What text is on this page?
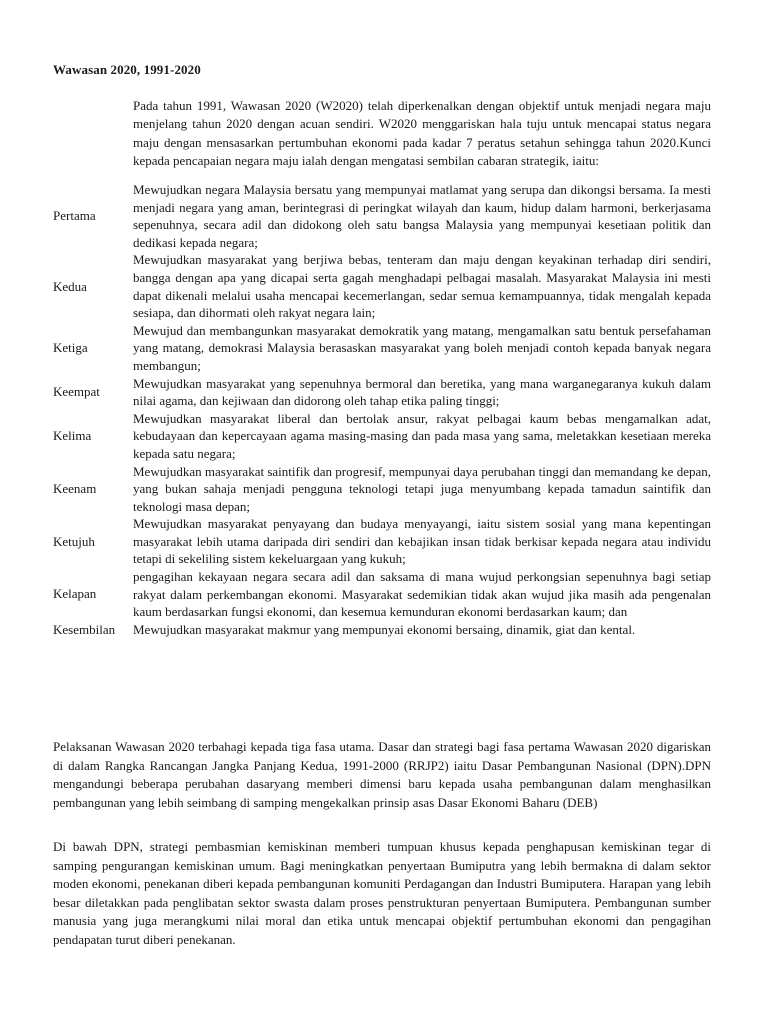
Wawasan 2020, 1991-2020

Pada tahun 1991, Wawasan 2020 (W2020) telah diperkenalkan dengan objektif untuk menjadi negara maju menjelang tahun 2020 dengan acuan sendiri. W2020 menggariskan hala tuju untuk mencapai status negara maju dengan mensasarkan pertumbuhan ekonomi pada kadar 7 peratus setahun sehingga tahun 2020.Kunci kepada pencapaian negara maju ialah dengan mengatasi sembilan cabaran strategik, iaitu:

Pertama
Mewujudkan negara Malaysia bersatu yang mempunyai matlamat yang serupa dan dikongsi bersama. Ia mesti menjadi negara yang aman, berintegrasi di peringkat wilayah dan kaum, hidup dalam harmoni, berkerjasama sepenuhnya, secara adil dan didokong oleh satu bangsa Malaysia yang mempunyai kesetiaan politik dan dedikasi kepada negara;
Kedua
Mewujudkan masyarakat yang berjiwa bebas, tenteram dan maju dengan keyakinan terhadap diri sendiri, bangga dengan apa yang dicapai serta gagah menghadapi pelbagai masalah. Masyarakat Malaysia ini mesti dapat dikenali melalui usaha mencapai kecemerlangan, sedar semua kemampuannya, tidak mengalah kepada sesiapa, dan dihormati oleh rakyat negara lain;
Ketiga
Mewujud dan membangunkan masyarakat demokratik yang matang, mengamalkan satu bentuk persefahaman yang matang, demokrasi Malaysia berasaskan masyarakat yang boleh menjadi contoh kepada banyak negara membangun;
Keempat
Mewujudkan masyarakat yang sepenuhnya bermoral dan beretika, yang mana warganegaranya kukuh dalam nilai agama, dan kejiwaan dan didorong oleh tahap etika paling tinggi;
Kelima
Mewujudkan masyarakat liberal dan bertolak ansur, rakyat pelbagai kaum bebas mengamalkan adat, kebudayaan dan kepercayaan agama masing-masing dan pada masa yang sama, meletakkan kesetiaan mereka kepada satu negara;
Keenam
Mewujudkan masyarakat saintifik dan progresif, mempunyai daya perubahan tinggi dan memandang ke depan, yang bukan sahaja menjadi pengguna teknologi tetapi juga menyumbang kepada tamadun saintifik dan teknologi masa depan;
Ketujuh
Mewujudkan masyarakat penyayang dan budaya menyayangi, iaitu sistem sosial yang mana kepentingan masyarakat lebih utama daripada diri sendiri dan kebajikan insan tidak berkisar kepada negara atau individu tetapi di sekeliling sistem kekeluargaan yang kukuh;
Kelapan
pengagihan kekayaan negara secara adil dan saksama di mana wujud perkongsian sepenuhnya bagi setiap rakyat dalam perkembangan ekonomi. Masyarakat sedemikian tidak akan wujud jika masih ada pengenalan kaum berdasarkan fungsi ekonomi, dan kesemua kemunduran ekonomi berdasarkan kaum; dan
Kesembilan	Mewujudkan masyarakat makmur yang mempunyai ekonomi bersaing, dinamik, giat dan kental.

Pelaksanan Wawasan 2020 terbahagi kepada tiga fasa utama. Dasar dan strategi bagi fasa pertama Wawasan 2020 digariskan di dalam Rangka Rancangan Jangka Panjang Kedua, 1991-2000 (RRJP2) iaitu Dasar Pembangunan Nasional (DPN).DPN mengandungi beberapa perubahan dasaryang memberi dimensi baru kepada usaha pembangunan dalam menghasilkan pembangunan yang lebih seimbang di samping mengekalkan prinsip asas Dasar Ekonomi Baharu (DEB)

Di bawah DPN, strategi pembasmian kemiskinan memberi tumpuan khusus kepada penghapusan kemiskinan tegar di samping pengurangan kemiskinan umum. Bagi meningkatkan penyertaan Bumiputra yang lebih bermakna di dalam sektor moden ekonomi, penekanan diberi kepada pembangunan komuniti Perdagangan dan Industri Bumiputera. Harapan yang lebih besar diletakkan pada penglibatan sektor swasta dalam proses penstrukturan penyertaan Bumiputera. Pembangunan sumber manusia yang juga merangkumi nilai moral dan etika untuk mencapai objektif pertumbuhan ekonomi dan pengagihan pendapatan turut diberi penekanan.
